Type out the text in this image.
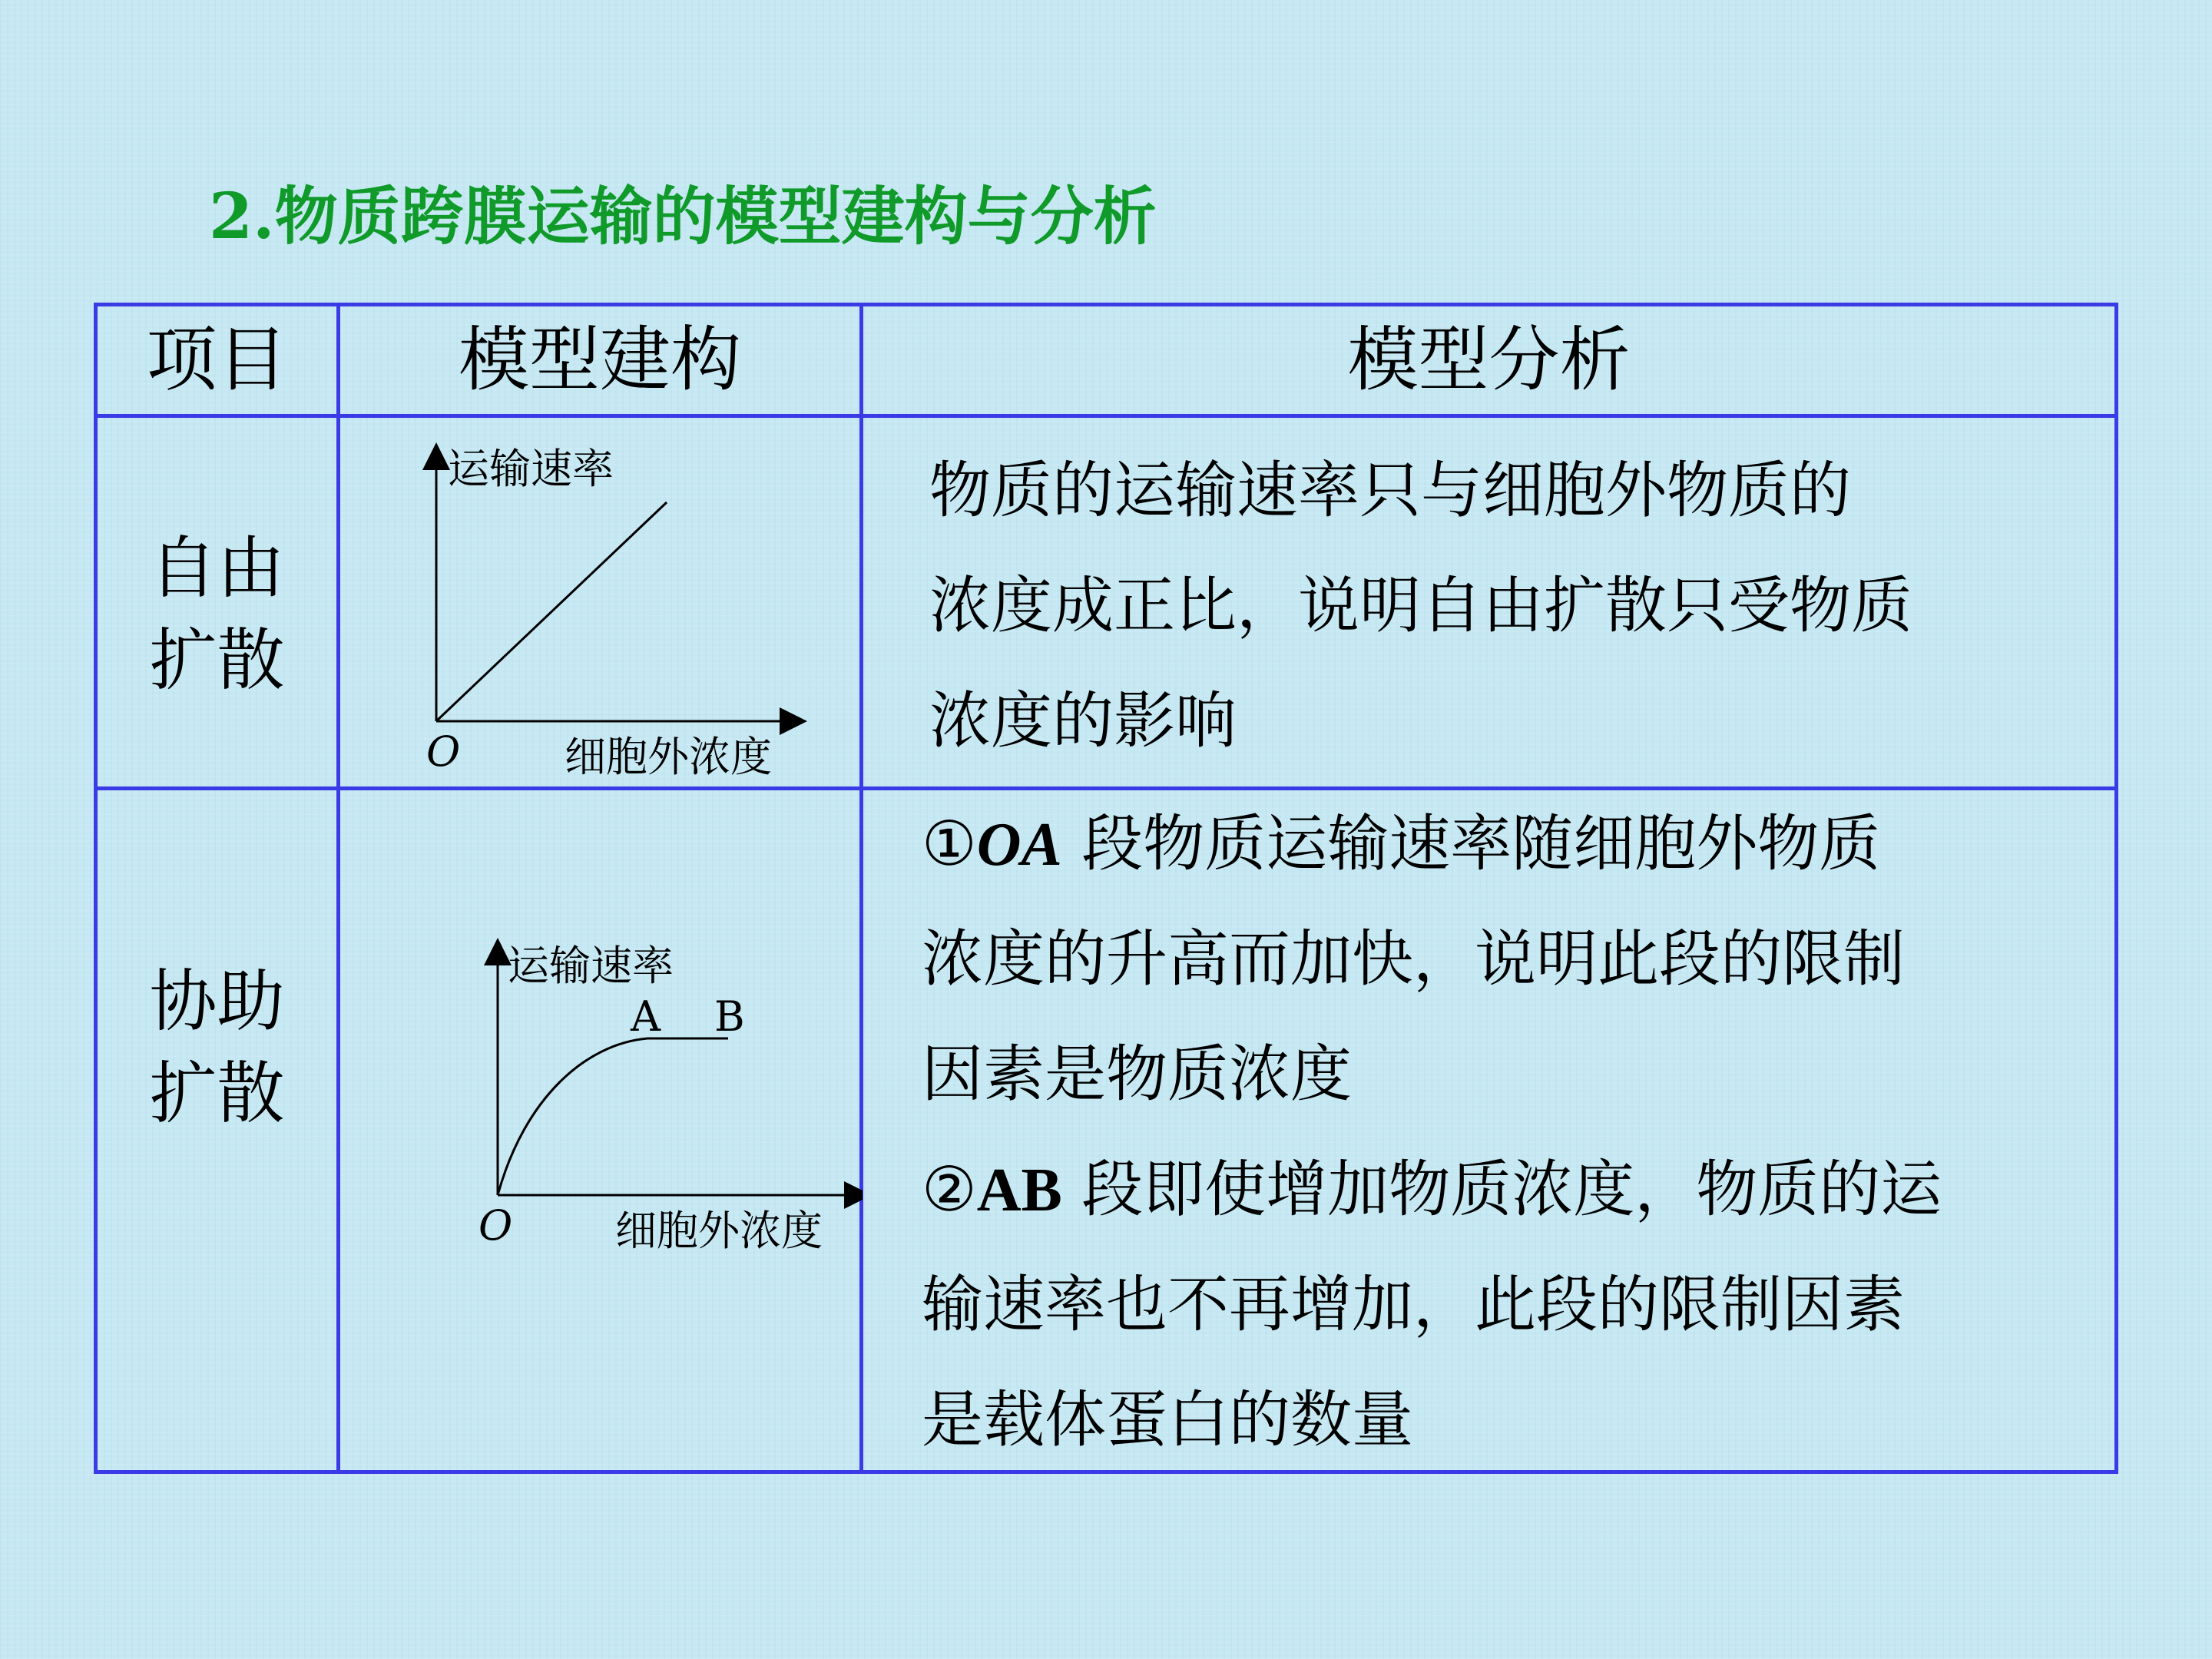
2.物质跨膜运输的模型建构与分析
项目	模型建构	模型分析
自由
扩散
运输速率
细胞外浓度
O
物质的运输速率只与细胞外物质的
浓度成正比，说明自由扩散只受物质
浓度的影响
协助
扩散
运输速率
A B
细胞外浓度
O
①OA 段物质运输速率随细胞外物质
浓度的升高而加快，说明此段的限制
因素是物质浓度
②AB 段即使增加物质浓度，物质的运
输速率也不再增加，此段的限制因素
是载体蛋白的数量
